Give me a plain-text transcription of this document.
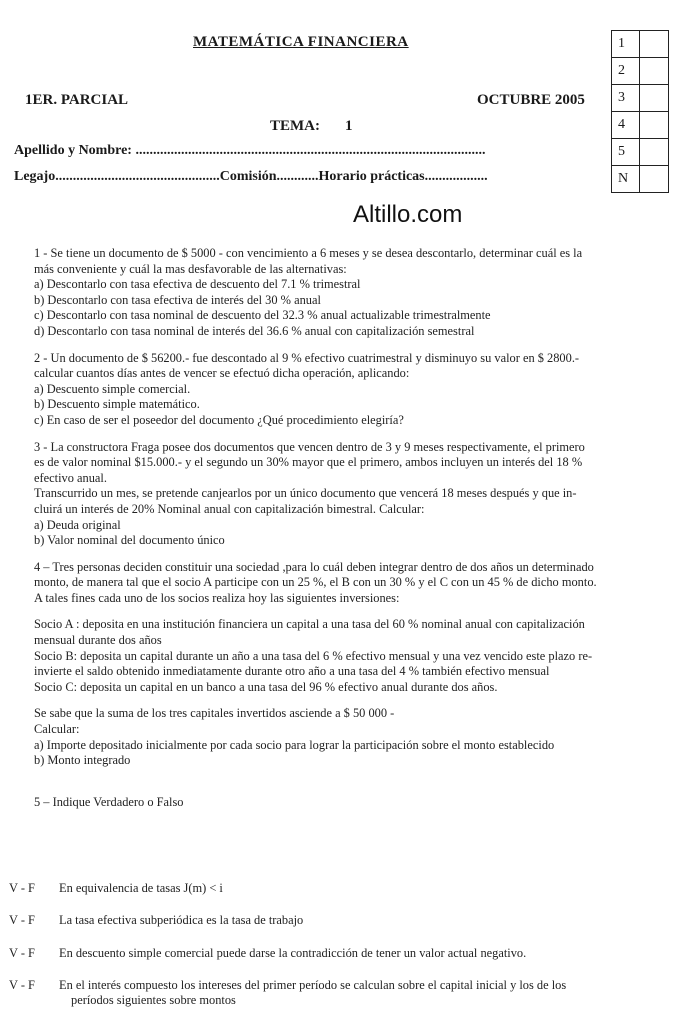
MATEMÁTICA FINANCIERA
1ER. PARCIAL	OCTUBRE 2005
TEMA: 1
Apellido y Nombre: ....................................................................................................
Legajo...............................................Comisión............Horario prácticas..................
1	
2	
3	
4	
5	
N	
Altillo.com

1 - Se tiene un documento de $ 5000 - con vencimiento a 6 meses y se desea descontarlo, determinar cuál es la

más conveniente y cuál la mas desfavorable de las alternativas:

a) Descontarlo con tasa efectiva de descuento del 7.1 % trimestral

b) Descontarlo con tasa efectiva de interés del 30 % anual

c) Descontarlo con tasa nominal de descuento del 32.3 % anual actualizable trimestralmente

d) Descontarlo con tasa nominal de interés del 36.6 % anual con capitalización semestral

2 - Un documento de $ 56200.- fue descontado al 9 % efectivo cuatrimestral y disminuyo su valor en $ 2800.-

calcular cuantos días antes de vencer se efectuó dicha operación, aplicando:

a) Descuento simple comercial.

b) Descuento simple matemático.

c) En caso de ser el poseedor del documento ¿Qué procedimiento elegiría?

3 - La constructora Fraga posee dos documentos que vencen dentro de 3 y 9 meses respectivamente, el primero

es de valor nominal $15.000.- y el segundo un 30% mayor que el primero, ambos incluyen un interés del 18 %

efectivo anual.

Transcurrido un mes, se pretende canjearlos por un único documento que vencerá 18 meses después y que in-

cluirá un interés de 20% Nominal anual con capitalización bimestral. Calcular:

a) Deuda original

b) Valor nominal del documento único

4 – Tres personas deciden constituir una sociedad ,para lo cuál deben integrar dentro de dos años un determinado

monto, de manera tal que el socio A participe con un 25 %, el B con un 30 % y el C con un 45 % de dicho monto.

A tales fines cada uno de los socios realiza hoy las siguientes inversiones:

Socio A : deposita en una institución financiera un capital a una tasa del 60 % nominal anual con capitalización

mensual durante dos años

Socio B: deposita un capital durante un año a una tasa del 6 % efectivo mensual y una vez vencido este plazo re-

invierte el saldo obtenido inmediatamente durante otro año a una tasa del 4 % también efectivo mensual

Socio C: deposita un capital en un banco a una tasa del 96 % efectivo anual durante dos años.

Se sabe que la suma de los tres capitales invertidos asciende a $ 50 000 -

Calcular:

a) Importe depositado inicialmente por cada socio para lograr la participación sobre el monto establecido

b) Monto integrado

5 – Indique Verdadero o Falso

V - F En equivalencia de tasas J(m) < i
V - F La tasa efectiva subperiódica es la tasa de trabajo
V - F En descuento simple comercial puede darse la contradicción de tener un valor actual negativo.
V - F En el interés compuesto los intereses del primer período se calculan sobre el capital inicial y los de los
períodos siguientes sobre montos
